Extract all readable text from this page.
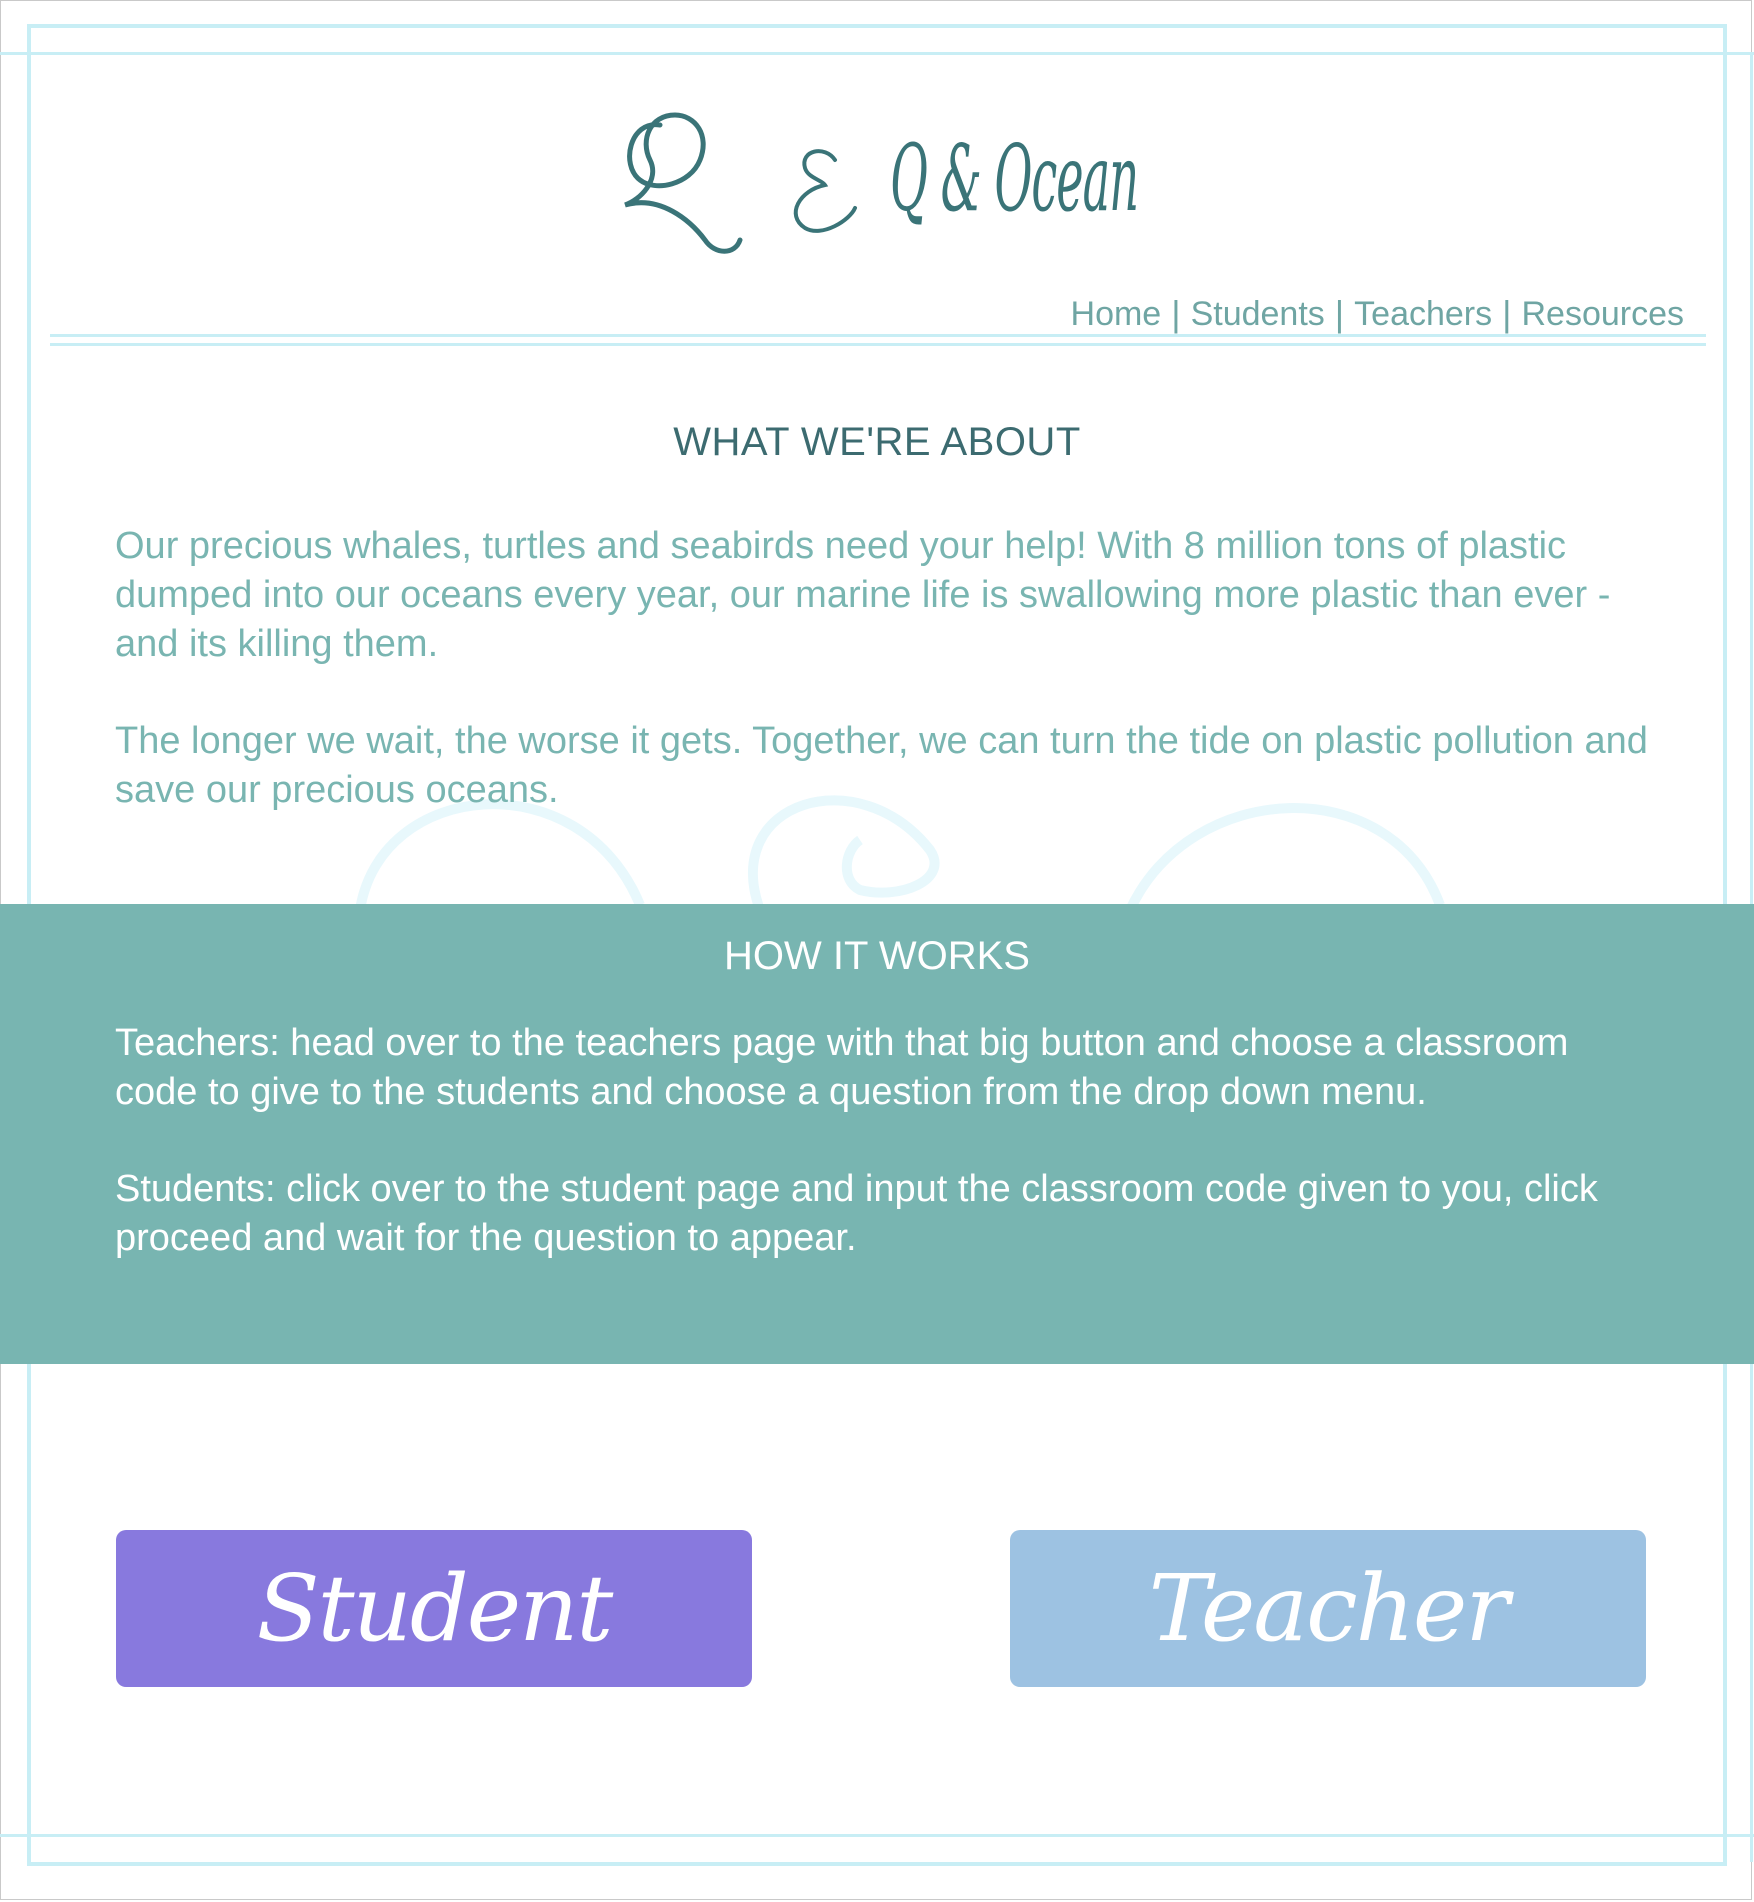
Q & Ocean
Home | Students | Teachers | Resources
WHAT WE'RE ABOUT

Our precious whales, turtles and seabirds need your help! With 8 million tons of plastic dumped into our oceans every year, our marine life is swallowing more plastic than ever - and its killing them.

The longer we wait, the worse it gets. Together, we can turn the tide on plastic pollution and save our precious oceans.

HOW IT WORKS

Teachers: head over to the teachers page with that big button and choose a classroom code to give to the students and choose a question from the drop down menu.

Students: click over to the student page and input the classroom code given to you, click proceed and wait for the question to appear.

Student	Teacher
